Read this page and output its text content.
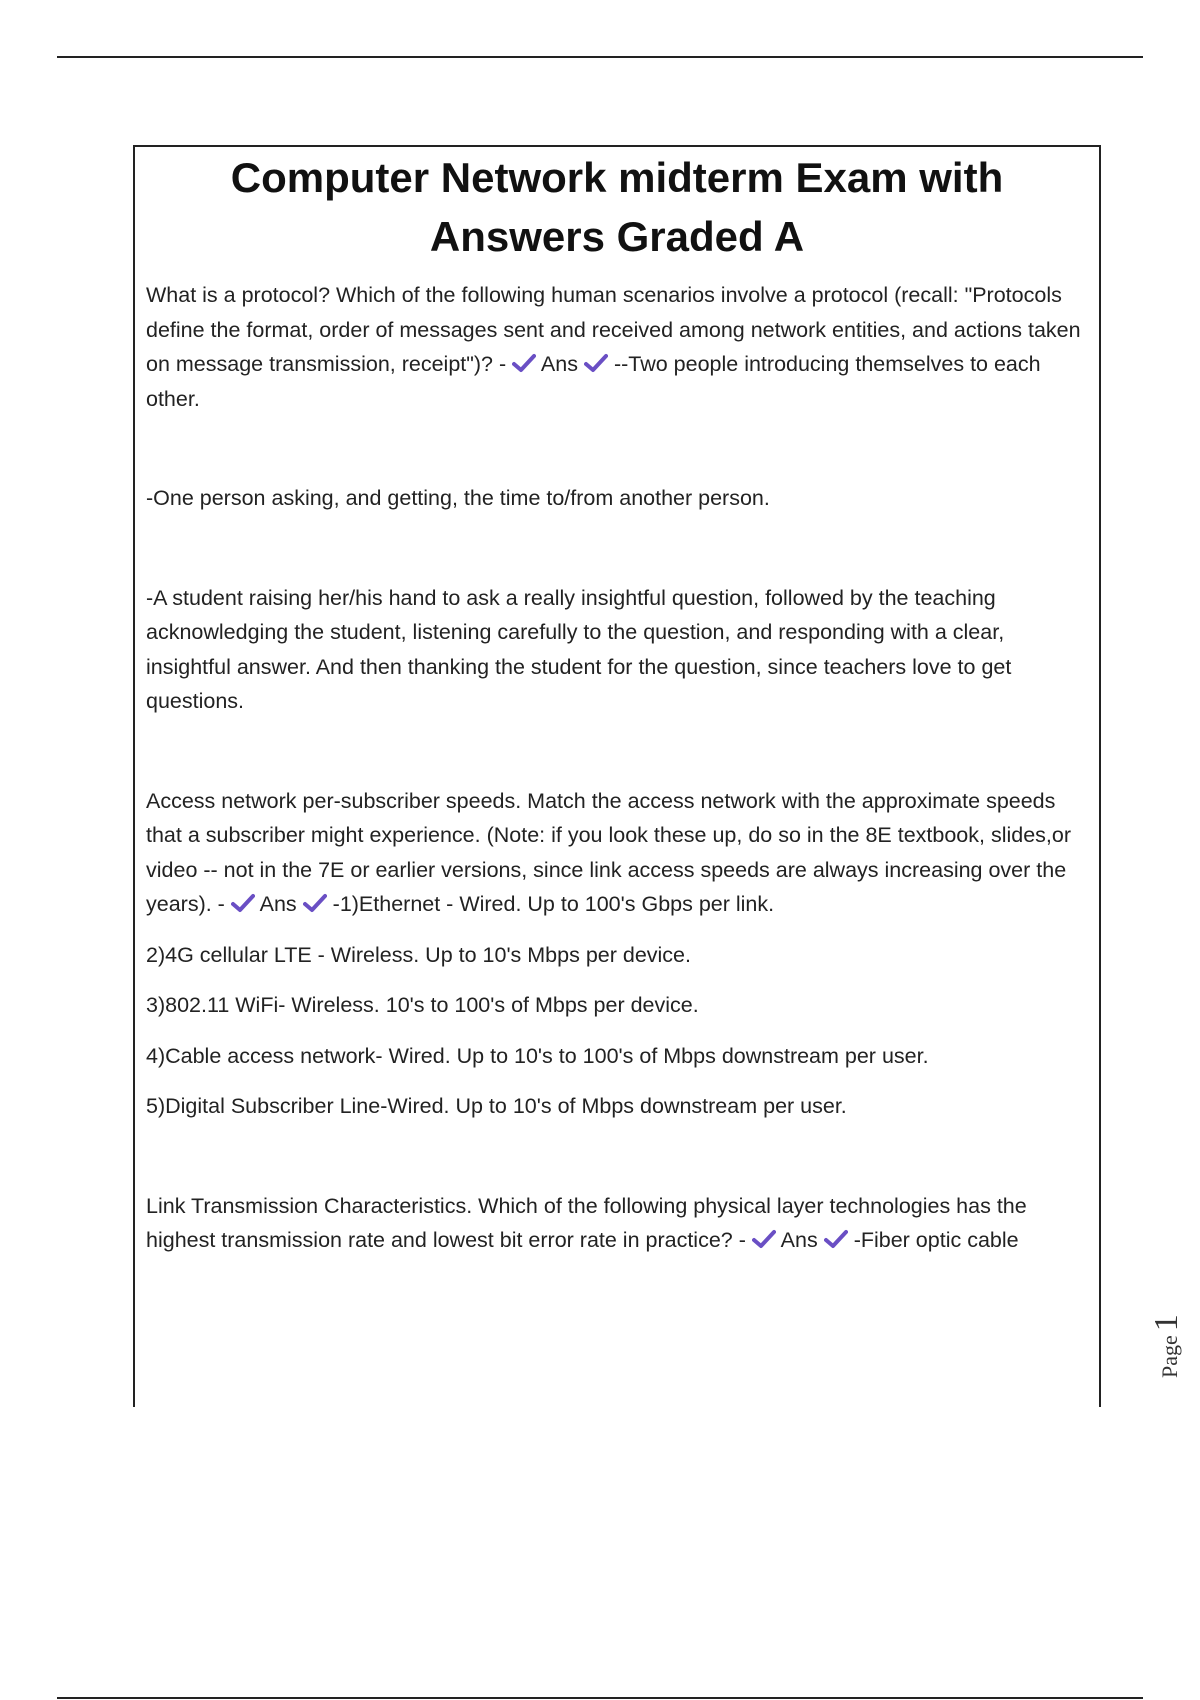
Computer Network midterm Exam with
Answers Graded A

What is a protocol? Which of the following human scenarios involve a protocol (recall: "Protocols define the format, order of messages sent and received among network entities, and actions taken on message transmission, receipt")? -  Ans --Two people introducing themselves to each other.

-One person asking, and getting, the time to/from another person.

-A student raising her/his hand to ask a really insightful question, followed by the teaching acknowledging the student, listening carefully to the question, and responding with a clear, insightful answer. And then thanking the student for the question, since teachers love to get questions.

Access network per-subscriber speeds. Match the access network with the approximate speeds that a subscriber might experience. (Note: if you look these up, do so in the 8E textbook, slides,or video -- not in the 7E or earlier versions, since link access speeds are always increasing over the years). -  Ans -1)Ethernet - Wired. Up to 100's Gbps per link.

2)4G cellular LTE - Wireless. Up to 10's Mbps per device.

3)802.11 WiFi- Wireless. 10's to 100's of Mbps per device.

4)Cable access network- Wired. Up to 10's to 100's of Mbps downstream per user.

5)Digital Subscriber Line-Wired. Up to 10's of Mbps downstream per user.

Link Transmission Characteristics. Which of the following physical layer technologies has the highest transmission rate and lowest bit error rate in practice? -  Ans -Fiber optic cable

Page 1
